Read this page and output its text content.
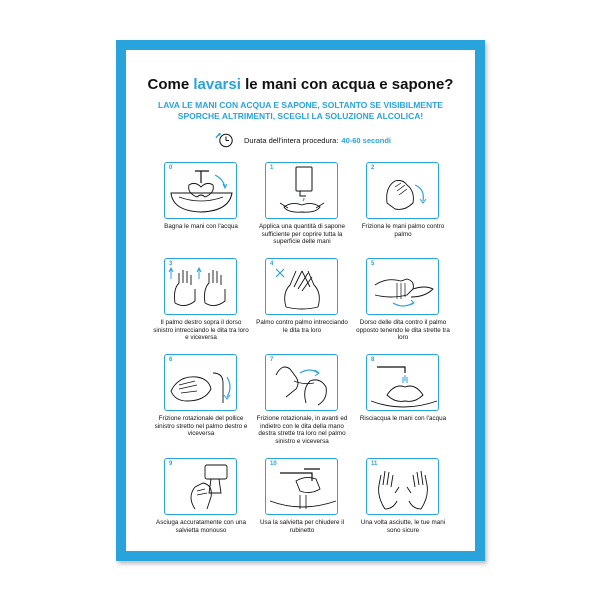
Come lavarsi le mani con acqua e sapone?
LAVA LE MANI CON ACQUA E SAPONE, SOLTANTO SE VISIBILMENTE SPORCHE ALTRIMENTI, SCEGLI LA SOLUZIONE ALCOLICA!
Durata dell'intera procedura: 40-60 secondi
0
Bagna le mani con l'acqua
1
Applica una quantità di sapone sufficiente per coprire tutta la superficie delle mani
2
Friziona le mani palmo contro palmo
3
Il palmo destro sopra il dorso sinistro intrecciando le dita tra loro e viceversa
4
Palmo contro palmo intrecciando le dita tra loro
5
Dorso delle dita contro il palmo opposto tenendo le dita strette tra loro
6
Frizione rotazionale del pollice sinistro stretto nel palmo destro e viceversa
7
Frizione rotazionale, in avanti ed indietro con le dita della mano destra strette tra loro nel palmo sinistro e viceversa
8
Risciacqua le mani con l'acqua
9
Asciuga accuratamente con una salvietta monouso
10
Usa la salvietta per chiudere il rubinetto
11
Una volta asciutte, le tue mani sono sicure
